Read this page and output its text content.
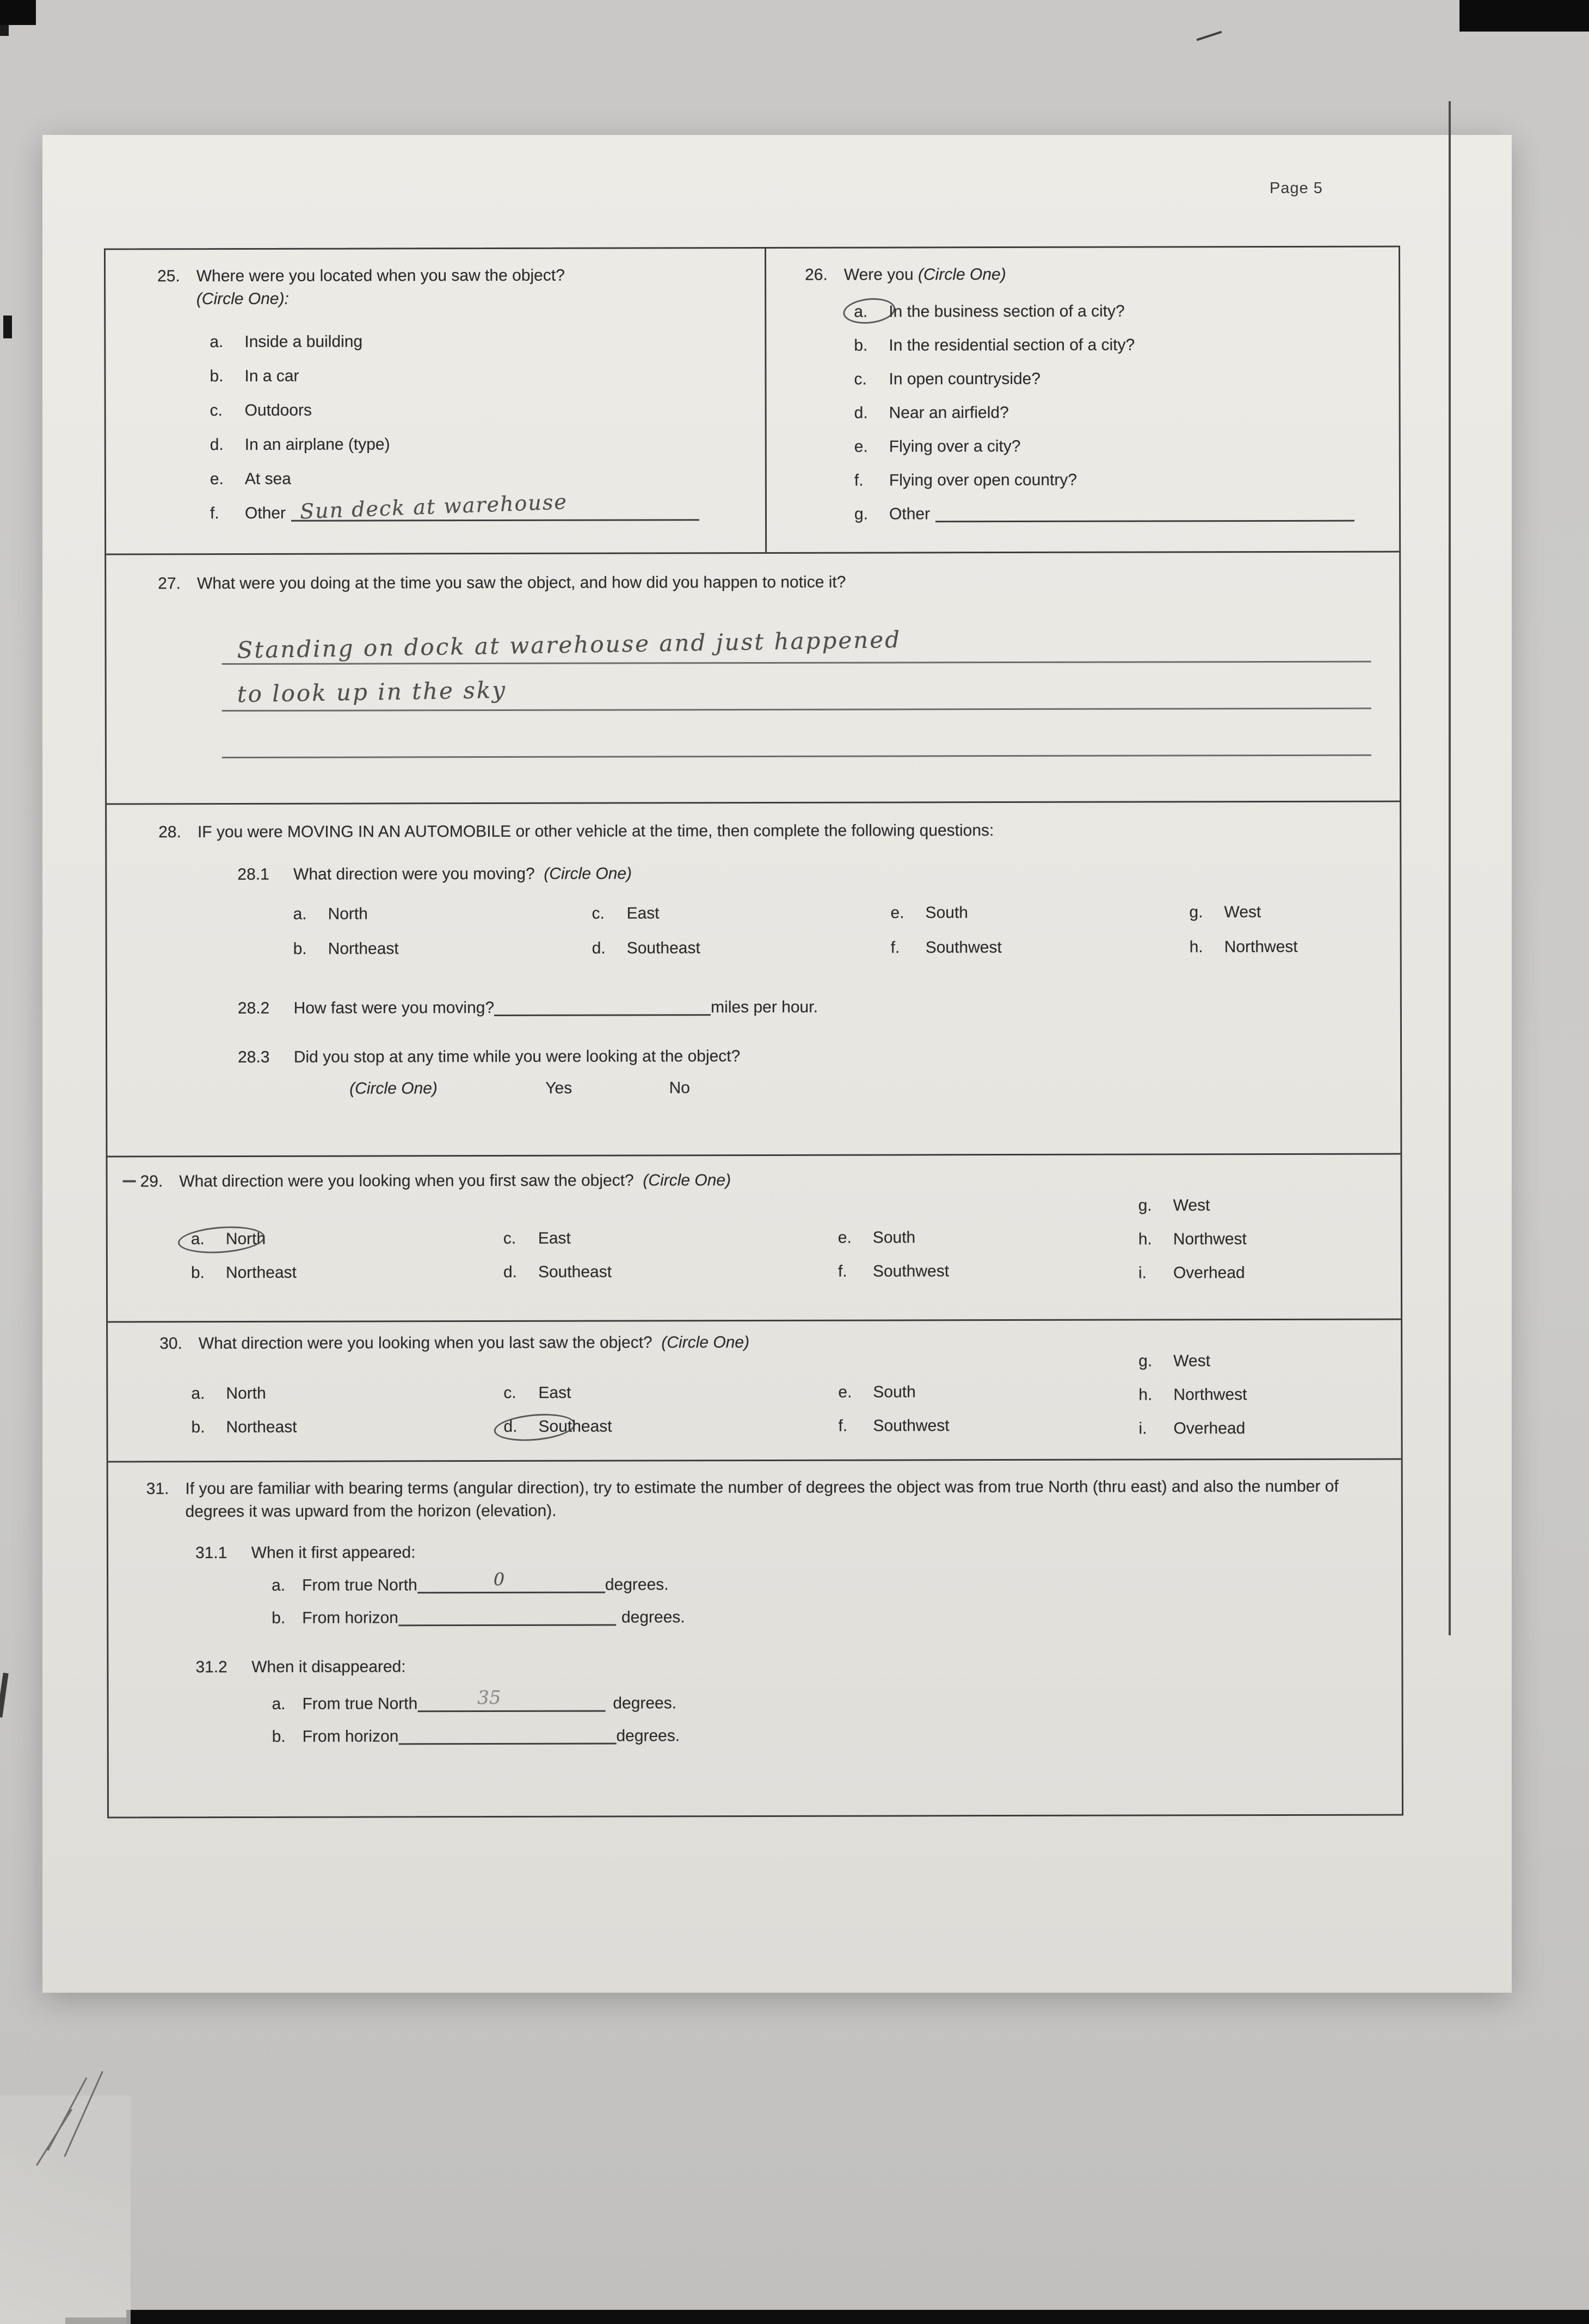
Page 5
25. Where were you located when you saw the object?
(Circle One):
a. Inside a building
b. In a car
c. Outdoors
d. In an airplane (type)
e. At sea
f. Other Sun deck at warehouse
26. Were you (Circle One)
a. In the business section of a city?
b. In the residential section of a city?
c. In open countryside?
d. Near an airfield?
e. Flying over a city?
f. Flying over open country?
g. Other
27. What were you doing at the time you saw the object, and how did you happen to notice it?
Standing on dock at warehouse and just happened
to look up in the sky
28. IF you were MOVING IN AN AUTOMOBILE or other vehicle at the time, then complete the following questions:
28.1 What direction were you moving? (Circle One)
a. North
b. Northeast
c. East
d. Southeast
e. South
f. Southwest
g. West
h. Northwest
28.2 How fast were you moving?	miles per hour.
28.3 Did you stop at any time while you were looking at the object?
(Circle One)	Yes	No
29. What direction were you looking when you first saw the object?
(Circle One)
a. North
b. Northeast
c. East
d. Southeast
e. South
f. Southwest
g. West
h. Northwest
i. Overhead
30. What direction were you looking when you last saw the object?
(Circle One)
a. North
b. Northeast
c. East
d. Southeast
e. South
f. Southwest
g. West
h. Northwest
i. Overhead
31. If you are familiar with bearing terms (angular direction), try to estimate the number of degrees the object was from true North (thru east) and also the number of degrees it was upward from the horizon (elevation).
31.1 When it first appeared:
a. From true North	0	degrees.
b. From horizon	degrees.
31.2 When it disappeared:
a. From true North	35	degrees.
b. From horizon	degrees.
